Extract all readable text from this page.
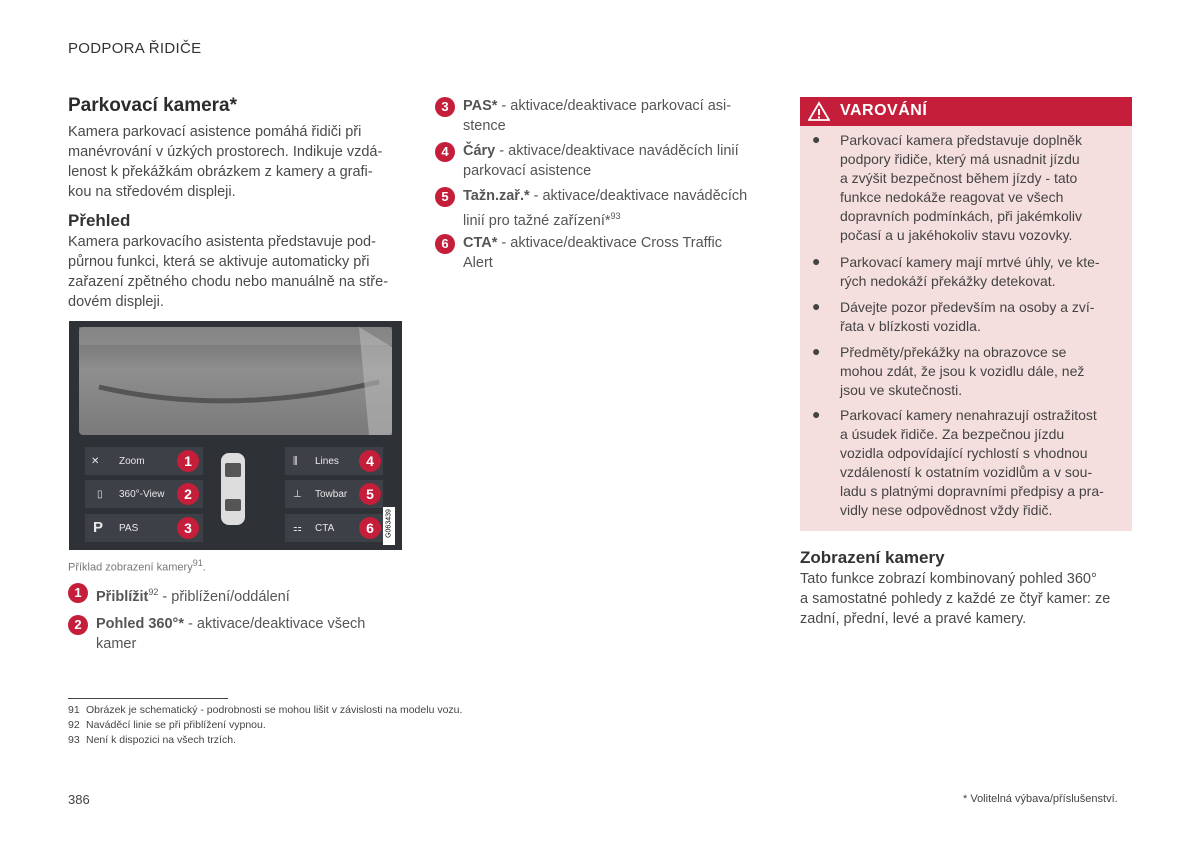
PODPORA ŘIDIČE
Parkovací kamera*
Kamera parkovací asistence pomáhá řidiči při
manévrování v úzkých prostorech. Indikuje vzdá-
lenost k překážkám obrázkem z kamery a grafi-
kou na středovém displeji.
Přehled
Kamera parkovacího asistenta představuje pod-
půrnou funkci, která se aktivuje automaticky při
zařazení zpětného chodu nebo manuálně na stře-
dovém displeji.
✕ Zoom	1
▯ 360°-View	2
P PAS	3
⫼ Lines	4
⊥ Towbar	5
⚏ CTA	6	G063439
Příklad zobrazení kamery$^{91}$.
1 Přiblížit$^{92}$ - přiblížení/oddálení
2 Pohled 360°* - aktivace/deaktivace všech
kamer
3 PAS* - aktivace/deaktivace parkovací asi-
stence
4 Čáry - aktivace/deaktivace naváděcích linií
parkovací asistence
5 Tažn.zař.* - aktivace/deaktivace naváděcích
linií pro tažné zařízení*$^{93}$
6 CTA* - aktivace/deaktivace Cross Traffic
Alert
VAROVÁNÍ
● Parkovací kamera představuje doplněk
podpory řidiče, který má usnadnit jízdu
a zvýšit bezpečnost během jízdy - tato
funkce nedokáže reagovat ve všech
dopravních podmínkách, při jakémkoliv
počasí a u jakéhokoliv stavu vozovky.
● Parkovací kamery mají mrtvé úhly, ve kte-
rých nedokáží překážky detekovat.
● Dávejte pozor především na osoby a zví-
řata v blízkosti vozidla.
● Předměty/překážky na obrazovce se
mohou zdát, že jsou k vozidlu dále, než
jsou ve skutečnosti.
● Parkovací kamery nenahrazují ostražitost
a úsudek řidiče. Za bezpečnou jízdu
vozidla odpovídající rychlostí s vhodnou
vzdáleností k ostatním vozidlům a v sou-
ladu s platnými dopravními předpisy a pra-
vidly nese odpovědnost vždy řidič.
Zobrazení kamery
Tato funkce zobrazí kombinovaný pohled 360°
a samostatné pohledy z každé ze čtyř kamer: ze
zadní, přední, levé a pravé kamery.
91 Obrázek je schematický - podrobnosti se mohou lišit v závislosti na modelu vozu.
92 Naváděcí linie se při přiblížení vypnou.
93 Není k dispozici na všech trzích.
386	* Volitelná výbava/příslušenství.
